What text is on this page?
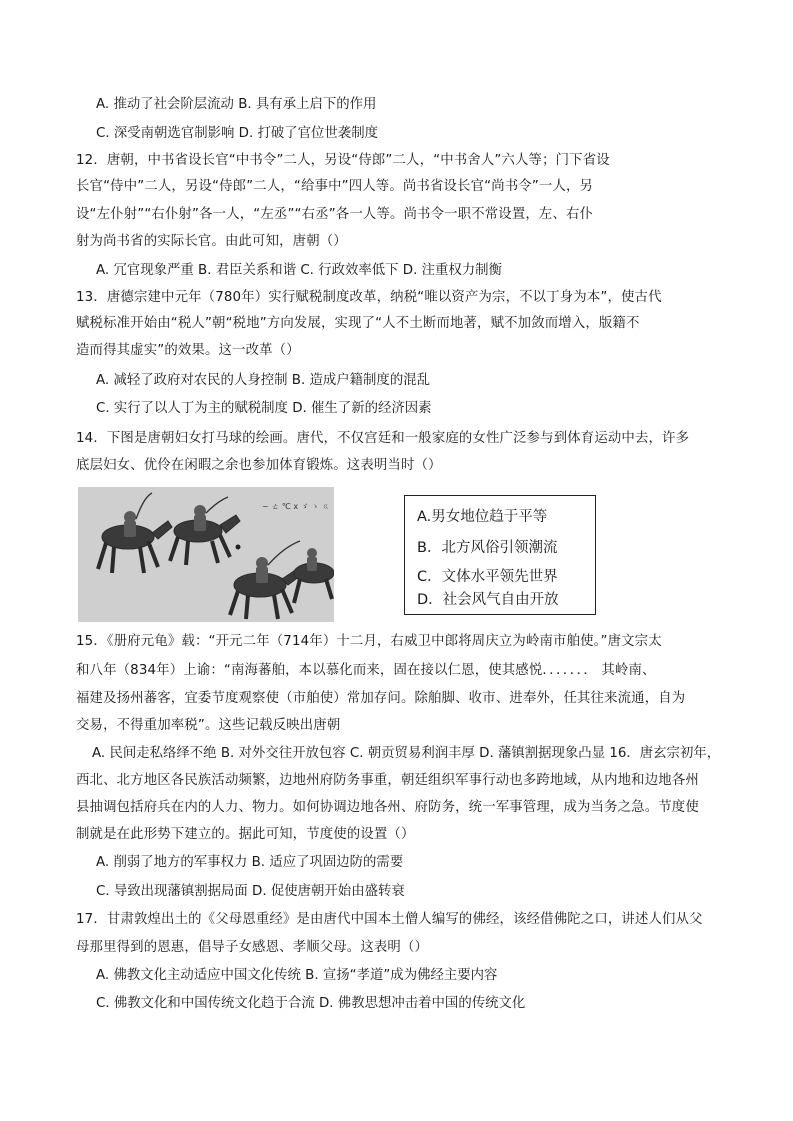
A. 推动了社会阶层流动 B. 具有承上启下的作用
C. 深受南朝选官制影响 D. 打破了官位世袭制度
12．唐朝，中书省设长官“中书令”二人，另设“侍郎”二人，“中书舍人”六人等；门下省设
长官“侍中”二人，另设“侍郎”二人，“给事中”四人等。尚书省设长官“尚书令”一人，另
设“左仆射”“右仆射”各一人，“左丞”“右丞”各一人等。尚书令一职不常设置，左、右仆
射为尚书省的实际长官。由此可知，唐朝（）
A. 冗官现象严重 B. 君臣关系和谐 C. 行政效率低下 D. 注重权力制衡
13．唐德宗建中元年（780年）实行赋税制度改革，纳税“唯以资产为宗，不以丁身为本”，使古代
赋税标准开始由“税人”朝“税地”方向发展，实现了“人不土断而地著，赋不加敛而增入，版籍不
造而得其虚实”的效果。这一改革（）
A. 减轻了政府对农民的人身控制 B. 造成户籍制度的混乱
C. 实行了以人丁为主的赋税制度 D. 催生了新的经济因素
14．下图是唐朝妇女打马球的绘画。唐代，不仅宫廷和一般家庭的女性广泛参与到体育运动中去，许多
底层妇女、优伶在闲暇之余也参加体育锻炼。这表明当时（）
~ ㄊ ℃ ⅹ ゞ ゝ ㄍ
A.男女地位趋于平等
B．北方风俗引领潮流
C．文体水平领先世界
D．社会风气自由开放
15．《册府元龟》载：“开元二年（714年）十二月，右威卫中郎将周庆立为岭南市舶使。”唐文宗太
和八年（834年）上谕：“南海蕃舶，本以慕化而来，固在接以仁恩，使其感悦．．．．．．． 其岭南、
福建及扬州蕃客，宜委节度观察使（市舶使）常加存问。除舶脚、收市、进奉外，任其往来流通，自为
交易，不得重加率税”。这些记载反映出唐朝
A. 民间走私络绎不绝 B. 对外交往开放包容 C. 朝贡贸易利润丰厚 D. 藩镇割据现象凸显 16．唐玄宗初年，
西北、北方地区各民族活动频繁，边地州府防务事重，朝廷组织军事行动也多跨地域，从内地和边地各州
县抽调包括府兵在内的人力、物力。如何协调边地各州、府防务，统一军事管理，成为当务之急。节度使
制就是在此形势下建立的。据此可知，节度使的设置（）
A. 削弱了地方的军事权力 B. 适应了巩固边防的需要
C. 导致出现藩镇割据局面 D. 促使唐朝开始由盛转衰
17．甘肃敦煌出土的《父母恩重经》是由唐代中国本土僧人编写的佛经，该经借佛陀之口，讲述人们从父
母那里得到的恩惠，倡导子女感恩、孝顺父母。这表明（）
A. 佛教文化主动适应中国文化传统 B. 宣扬“孝道”成为佛经主要内容
C. 佛教文化和中国传统文化趋于合流 D. 佛教思想冲击着中国的传统文化
